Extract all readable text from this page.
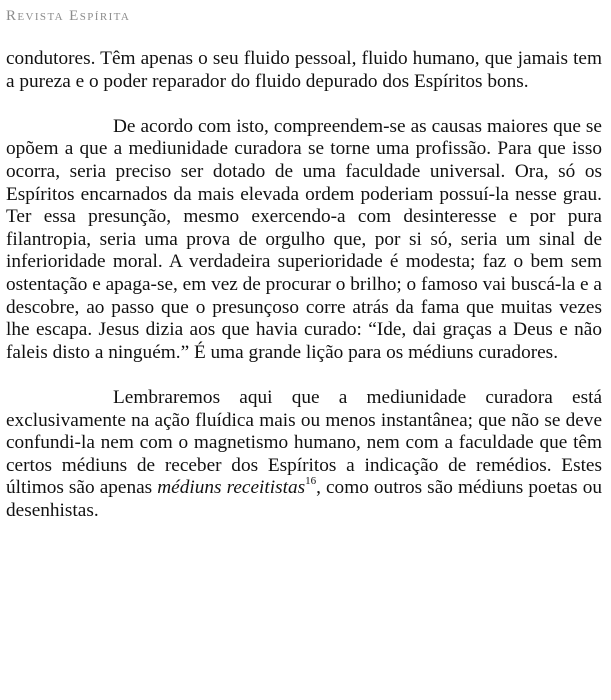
Revista Espírita

condutores. Têm apenas o seu fluido pessoal, fluido humano, que jamais tem a pureza e o poder reparador do fluido depurado dos Espíritos bons.

De acordo com isto, compreendem-se as causas maiores que se opõem a que a mediunidade curadora se torne uma profissão. Para que isso ocorra, seria preciso ser dotado de uma faculdade universal. Ora, só os Espíritos encarnados da mais elevada ordem poderiam possuí-la nesse grau. Ter essa presunção, mesmo exercendo-a com desinteresse e por pura filantropia, seria uma prova de orgulho que, por si só, seria um sinal de inferioridade moral. A verdadeira superioridade é modesta; faz o bem sem ostentação e apaga-se, em vez de procurar o brilho; o famoso vai buscá-la e a descobre, ao passo que o presunçoso corre atrás da fama que muitas vezes lhe escapa. Jesus dizia aos que havia curado: “Ide, dai graças a Deus e não faleis disto a ninguém.” É uma grande lição para os médiuns curadores.

Lembraremos aqui que a mediunidade curadora está exclusivamente na ação fluídica mais ou menos instantânea; que não se deve confundi-la nem com o magnetismo humano, nem com a faculdade que têm certos médiuns de receber dos Espíritos a indicação de remédios. Estes últimos são apenas médiuns receitistas$^{16}$, como outros são médiuns poetas ou desenhistas.
